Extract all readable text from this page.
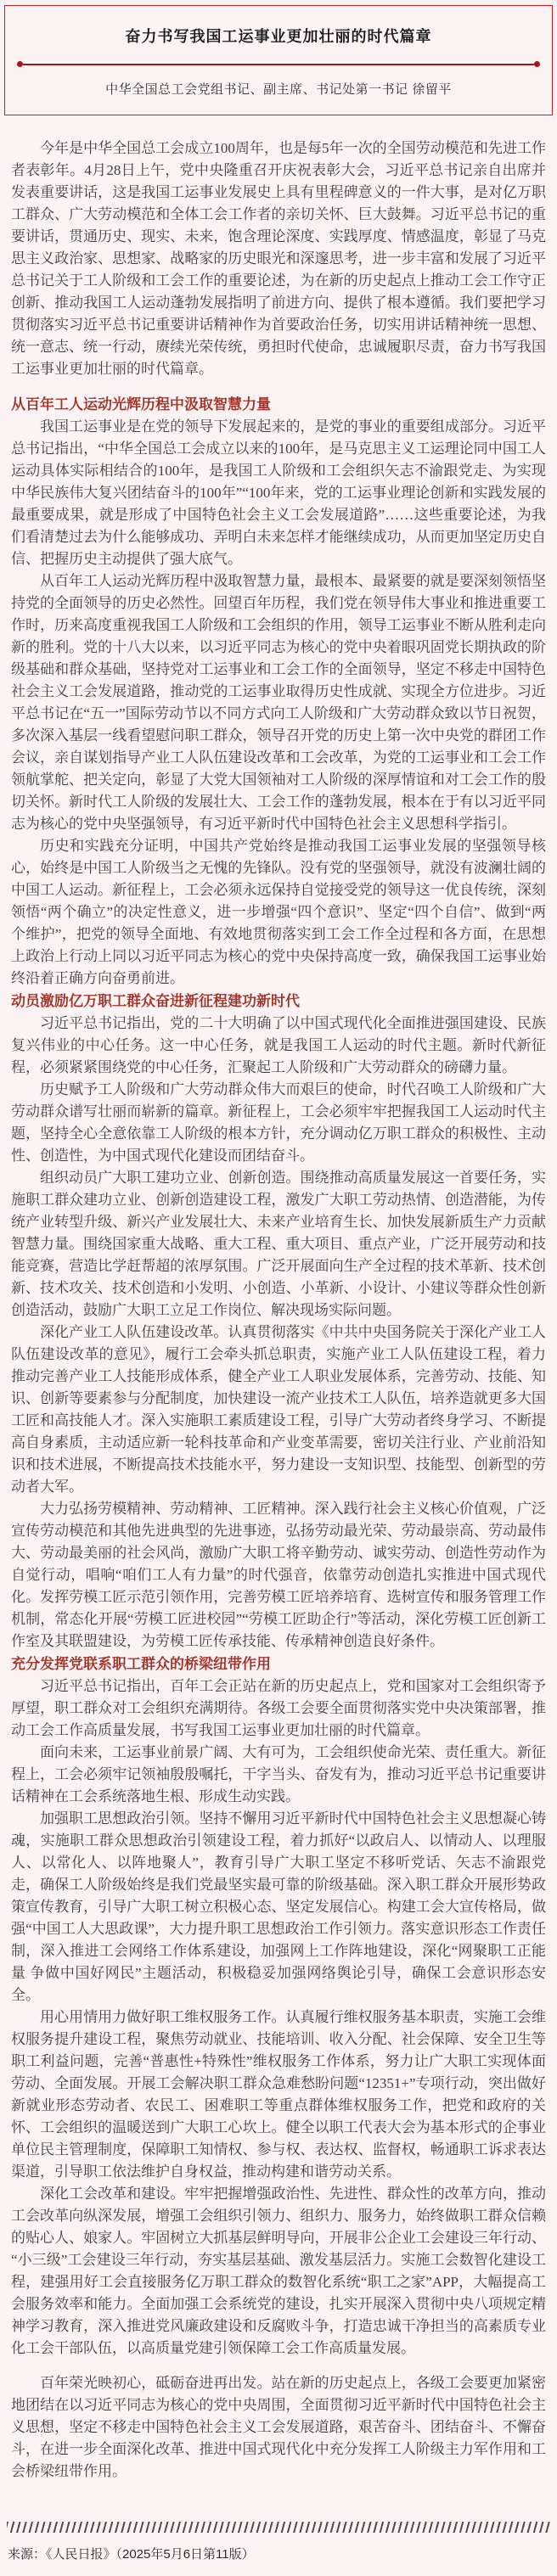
奋力书写我国工运事业更加壮丽的时代篇章
中华全国总工会党组书记、副主席、书记处第一书记 徐留平

今年是中华全国总工会成立100周年，也是每5年一次的全国劳动模范和先进工作者表彰年。4月28日上午，党中央隆重召开庆祝表彰大会，习近平总书记亲自出席并发表重要讲话，这是我国工运事业发展史上具有里程碑意义的一件大事，是对亿万职工群众、广大劳动模范和全体工会工作者的亲切关怀、巨大鼓舞。习近平总书记的重要讲话，贯通历史、现实、未来，饱含理论深度、实践厚度、情感温度，彰显了马克思主义政治家、思想家、战略家的历史眼光和深邃思考，进一步丰富和发展了习近平总书记关于工人阶级和工会工作的重要论述，为在新的历史起点上推动工会工作守正创新、推动我国工人运动蓬勃发展指明了前进方向、提供了根本遵循。我们要把学习贯彻落实习近平总书记重要讲话精神作为首要政治任务，切实用讲话精神统一思想、统一意志、统一行动，赓续光荣传统，勇担时代使命，忠诚履职尽责，奋力书写我国工运事业更加壮丽的时代篇章。

从百年工人运动光辉历程中汲取智慧力量

我国工运事业是在党的领导下发展起来的，是党的事业的重要组成部分。习近平总书记指出，“中华全国总工会成立以来的100年，是马克思主义工运理论同中国工人运动具体实际相结合的100年，是我国工人阶级和工会组织矢志不渝跟党走、为实现中华民族伟大复兴团结奋斗的100年”“100年来，党的工运事业理论创新和实践发展的最重要成果，就是形成了中国特色社会主义工会发展道路”……这些重要论述，为我们看清楚过去为什么能够成功、弄明白未来怎样才能继续成功，从而更加坚定历史自信、把握历史主动提供了强大底气。

从百年工人运动光辉历程中汲取智慧力量，最根本、最紧要的就是要深刻领悟坚持党的全面领导的历史必然性。回望百年历程，我们党在领导伟大事业和推进重要工作时，历来高度重视我国工人阶级和工会组织的作用，领导工运事业不断从胜利走向新的胜利。党的十八大以来，以习近平同志为核心的党中央着眼巩固党长期执政的阶级基础和群众基础，坚持党对工运事业和工会工作的全面领导，坚定不移走中国特色社会主义工会发展道路，推动党的工运事业取得历史性成就、实现全方位进步。习近平总书记在“五一”国际劳动节以不同方式向工人阶级和广大劳动群众致以节日祝贺，多次深入基层一线看望慰问职工群众，领导召开党的历史上第一次中央党的群团工作会议，亲自谋划指导产业工人队伍建设改革和工会改革，为党的工运事业和工会工作领航掌舵、把关定向，彰显了大党大国领袖对工人阶级的深厚情谊和对工会工作的殷切关怀。新时代工人阶级的发展壮大、工会工作的蓬勃发展，根本在于有以习近平同志为核心的党中央坚强领导，有习近平新时代中国特色社会主义思想科学指引。

历史和实践充分证明，中国共产党始终是推动我国工运事业发展的坚强领导核心，始终是中国工人阶级当之无愧的先锋队。没有党的坚强领导，就没有波澜壮阔的中国工人运动。新征程上，工会必须永远保持自觉接受党的领导这一优良传统，深刻领悟“两个确立”的决定性意义，进一步增强“四个意识”、坚定“四个自信”、做到“两个维护”，把党的领导全面地、有效地贯彻落实到工会工作全过程和各方面，在思想上政治上行动上同以习近平同志为核心的党中央保持高度一致，确保我国工运事业始终沿着正确方向奋勇前进。

动员激励亿万职工群众奋进新征程建功新时代

习近平总书记指出，党的二十大明确了以中国式现代化全面推进强国建设、民族复兴伟业的中心任务。这一中心任务，就是我国工人运动的时代主题。新时代新征程，必须紧紧围绕党的中心任务，汇聚起工人阶级和广大劳动群众的磅礴力量。

历史赋予工人阶级和广大劳动群众伟大而艰巨的使命，时代召唤工人阶级和广大劳动群众谱写壮丽而崭新的篇章。新征程上，工会必须牢牢把握我国工人运动时代主题，坚持全心全意依靠工人阶级的根本方针，充分调动亿万职工群众的积极性、主动性、创造性，为中国式现代化建设而团结奋斗。

组织动员广大职工建功立业、创新创造。围绕推动高质量发展这一首要任务，实施职工群众建功立业、创新创造建设工程，激发广大职工劳动热情、创造潜能，为传统产业转型升级、新兴产业发展壮大、未来产业培育生长、加快发展新质生产力贡献智慧力量。围绕国家重大战略、重大工程、重大项目、重点产业，广泛开展劳动和技能竞赛，营造比学赶帮超的浓厚氛围。广泛开展面向生产全过程的技术革新、技术创新、技术攻关、技术创造和小发明、小创造、小革新、小设计、小建议等群众性创新创造活动，鼓励广大职工立足工作岗位、解决现场实际问题。

深化产业工人队伍建设改革。认真贯彻落实《中共中央国务院关于深化产业工人队伍建设改革的意见》，履行工会牵头抓总职责，实施产业工人队伍建设工程，着力推动完善产业工人技能形成体系，健全产业工人职业发展体系，完善劳动、技能、知识、创新等要素参与分配制度，加快建设一流产业技术工人队伍，培养造就更多大国工匠和高技能人才。深入实施职工素质建设工程，引导广大劳动者终身学习、不断提高自身素质，主动适应新一轮科技革命和产业变革需要，密切关注行业、产业前沿知识和技术进展，不断提高技术技能水平，努力建设一支知识型、技能型、创新型的劳动者大军。

大力弘扬劳模精神、劳动精神、工匠精神。深入践行社会主义核心价值观，广泛宣传劳动模范和其他先进典型的先进事迹，弘扬劳动最光荣、劳动最崇高、劳动最伟大、劳动最美丽的社会风尚，激励广大职工将辛勤劳动、诚实劳动、创造性劳动作为自觉行动，唱响“咱们工人有力量”的时代强音，依靠劳动创造扎实推进中国式现代化。发挥劳模工匠示范引领作用，完善劳模工匠培养培育、选树宣传和服务管理工作机制，常态化开展“劳模工匠进校园”“劳模工匠助企行”等活动，深化劳模工匠创新工作室及其联盟建设，为劳模工匠传承技能、传承精神创造良好条件。

充分发挥党联系职工群众的桥梁纽带作用

习近平总书记指出，百年工会正站在新的历史起点上，党和国家对工会组织寄予厚望，职工群众对工会组织充满期待。各级工会要全面贯彻落实党中央决策部署，推动工会工作高质量发展，书写我国工运事业更加壮丽的时代篇章。

面向未来，工运事业前景广阔、大有可为，工会组织使命光荣、责任重大。新征程上，工会必须牢记领袖殷殷嘱托，干字当头、奋发有为，推动习近平总书记重要讲话精神在工会系统落地生根、形成生动实践。

加强职工思想政治引领。坚持不懈用习近平新时代中国特色社会主义思想凝心铸魂，实施职工群众思想政治引领建设工程，着力抓好“以政启人、以情动人、以理服人、以常化人、以阵地聚人”，教育引导广大职工坚定不移听党话、矢志不渝跟党走，确保工人阶级始终是我们党最坚实最可靠的阶级基础。深入职工群众开展形势政策宣传教育，引导广大职工树立积极心态、坚定发展信心。构建工会大宣传格局，做强“中国工人大思政课”，大力提升职工思想政治工作引领力。落实意识形态工作责任制，深入推进工会网络工作体系建设，加强网上工作阵地建设，深化“网聚职工正能量 争做中国好网民”主题活动，积极稳妥加强网络舆论引导，确保工会意识形态安全。

用心用情用力做好职工维权服务工作。认真履行维权服务基本职责，实施工会维权服务提升建设工程，聚焦劳动就业、技能培训、收入分配、社会保障、安全卫生等职工利益问题，完善“普惠性+特殊性”维权服务工作体系，努力让广大职工实现体面劳动、全面发展。开展工会解决职工群众急难愁盼问题“12351+”专项行动，突出做好新就业形态劳动者、农民工、困难职工等重点群体维权服务工作，把党和政府的关怀、工会组织的温暖送到广大职工心坎上。健全以职工代表大会为基本形式的企事业单位民主管理制度，保障职工知情权、参与权、表达权、监督权，畅通职工诉求表达渠道，引导职工依法维护自身权益，推动构建和谐劳动关系。

深化工会改革和建设。牢牢把握增强政治性、先进性、群众性的改革方向，推动工会改革向纵深发展，增强工会组织引领力、组织力、服务力，始终做职工群众信赖的贴心人、娘家人。牢固树立大抓基层鲜明导向，开展非公企业工会建设三年行动、“小三级”工会建设三年行动，夯实基层基础、激发基层活力。实施工会数智化建设工程，建强用好工会直接服务亿万职工群众的数智化系统“职工之家”APP，大幅提高工会服务效率和能力。全面加强工会系统党的建设，扎实开展深入贯彻中央八项规定精神学习教育，深入推进党风廉政建设和反腐败斗争，打造忠诚干净担当的高素质专业化工会干部队伍，以高质量党建引领保障工会工作高质量发展。

百年荣光映初心，砥砺奋进再出发。站在新的历史起点上，各级工会要更加紧密地团结在以习近平同志为核心的党中央周围，全面贯彻习近平新时代中国特色社会主义思想，坚定不移走中国特色社会主义工会发展道路，艰苦奋斗、团结奋斗、不懈奋斗，在进一步全面深化改革、推进中国式现代化中充分发挥工人阶级主力军作用和工会桥梁纽带作用。

来源：《人民日报》（2025年5月6日第11版）
